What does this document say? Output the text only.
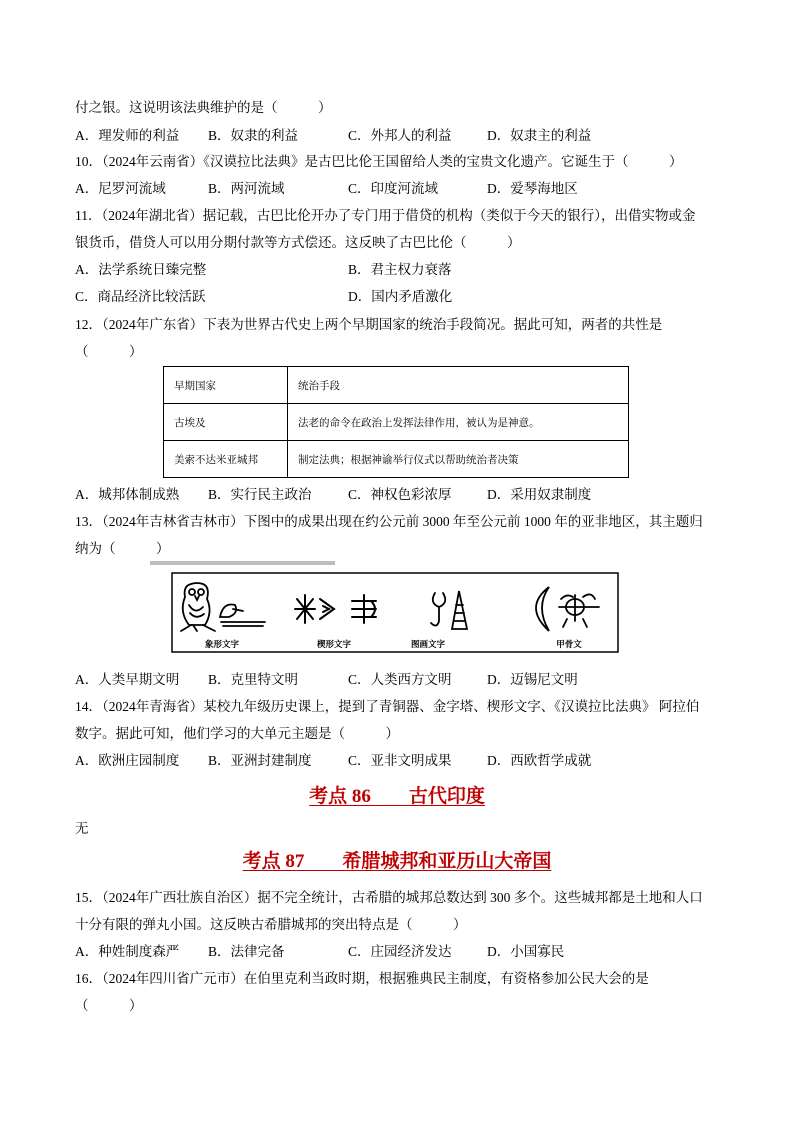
付之银。这说明该法典维护的是（　　　）
A．理发师的利益 B．奴隶的利益	C．外邦人的利益	D．奴隶主的利益
10．（2024年云南省）《汉谟拉比法典》是古巴比伦王国留给人类的宝贵文化遗产。它诞生于（　　　）
A．尼罗河流域	B．两河流域	C．印度河流域	D．爱琴海地区
11．（2024年湖北省）据记载，古巴比伦开办了专门用于借贷的机构（类似于今天的银行），出借实物或金
银货币，借贷人可以用分期付款等方式偿还。这反映了古巴比伦（　　　）
A．法学系统日臻完整	B．君主权力衰落
C．商品经济比较活跃	D．国内矛盾激化
12．（2024年广东省）下表为世界古代史上两个早期国家的统治手段简况。据此可知，两者的共性是
（　　　）
早期国家	统治手段
古埃及	法老的命令在政治上发挥法律作用，被认为是神意。
美索不达米亚城邦	制定法典；根据神谕举行仪式以帮助统治者决策
A．城邦体制成熟 B．实行民主政治	C．神权色彩浓厚	D．采用奴隶制度
13．（2024年吉林省吉林市）下图中的成果出现在约公元前 3000 年至公元前 1000 年的亚非地区，其主题归
纳为（　　　）
象形文字	楔形文字	图画文字	甲骨文
A．人类早期文明 B．克里特文明	C．人类西方文明	D．迈锡尼文明
14．（2024年青海省）某校九年级历史课上，提到了青铜器、金字塔、楔形文字、《汉谟拉比法典》 阿拉伯
数字。据此可知，他们学习的大单元主题是（　　　）
A．欧洲庄园制度 B．亚洲封建制度	C．亚非文明成果	D．西欧哲学成就
考点 86　　古代印度
无
考点 87　　希腊城邦和亚历山大帝国
15．（2024年广西壮族自治区）据不完全统计，古希腊的城邦总数达到 300 多个。这些城邦都是土地和人口
十分有限的弹丸小国。这反映古希腊城邦的突出特点是（　　　）
A．种姓制度森严 B．法律完备	C．庄园经济发达	D．小国寡民
16．（2024年四川省广元市）在伯里克利当政时期，根据雅典民主制度，有资格参加公民大会的是
（　　　）
